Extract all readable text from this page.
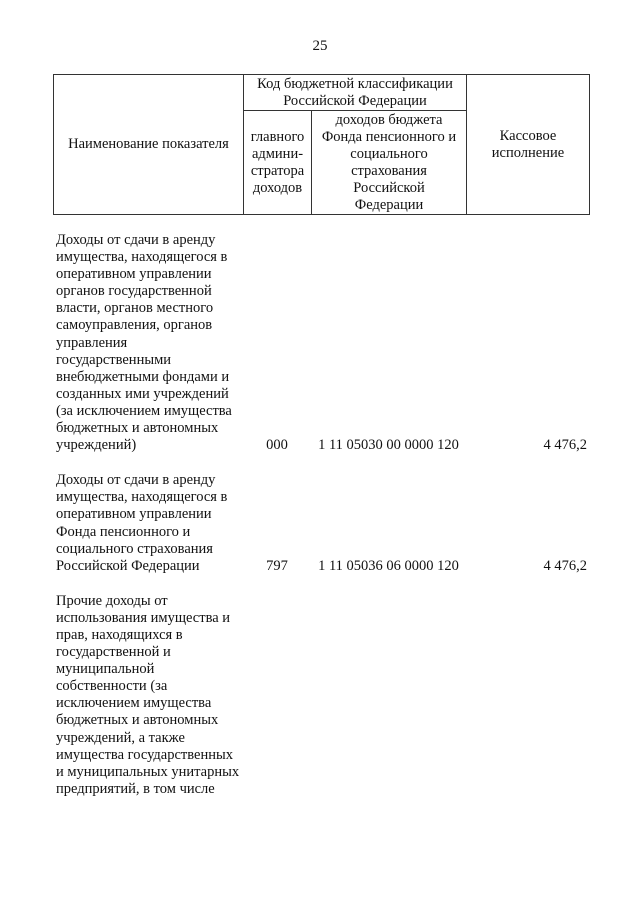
25
Наименование показателя	Код бюджетной классификации Российской Федерации		Кассовое исполнение
	главного админи-стратора доходов	доходов бюджета Фонда пенсионного и социального страхования Российской Федерации	
Доходы от сдачи в аренду имущества, находящегося в оперативном управлении органов государственной власти, органов местного самоуправления, органов управления государственными внебюджетными фондами и созданных ими учреждений (за исключением имущества бюджетных и автономных учреждений)	000	1 11 05030 00 0000 120	4 476,2
Доходы от сдачи в аренду имущества, находящегося в оперативном управлении Фонда пенсионного и социального страхования Российской Федерации	797	1 11 05036 06 0000 120	4 476,2
Прочие доходы от использования имущества и прав, находящихся в государственной и муниципальной собственности (за исключением имущества бюджетных и автономных учреждений, а также имущества государственных и муниципальных унитарных предприятий, в том числе
